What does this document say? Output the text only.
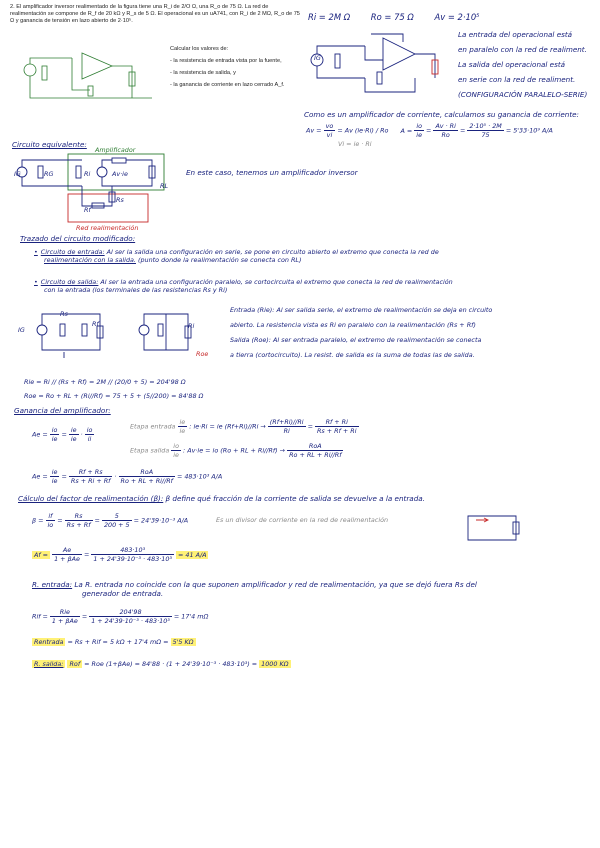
2. El amplificador inversor realimentado de la figura tiene una R_i de 2/O Ω, una R_o de 75 Ω. La red de realimentación se compone de R_f de 20 kΩ y R_s de 5 Ω. El operacional es un uA741, con R_i de 2 MΩ, R_o de 75 Ω y ganancia de tensión en lazo abierto de 2·10⁵.
Calcular los valores de:
- la resistencia de entrada vista por la fuente,
- la resistencia de salida, y
- la ganancia de corriente en lazo cerrado A_f.
Ri = 2M Ω Ro = 75 Ω Av = 2·10⁵
IG
La entrada del operacional está
en paralelo con la red de realiment.
La salida del operacional está
en serie con la red de realiment.
(CONFIGURACIÓN PARALELO-SERIE)
Como es un amplificador de corriente, calculamos su ganancia de corriente:
$Av = \frac{vo}{vi} = Av$ (ie·Ri) / Ro $A = \frac{io}{ie} = \frac{Av \cdot Ri}{Ro} = \frac{\text{2·10⁵ · 2M}}{75} = 5'33\cdot 10^9$ A/A
Vi = ie · Ri
Circuito equivalente:
Amplificador
IG	RG	Ri	Av·ie
RL
Rf
Rs
Red realimentación
En este caso, tenemos un amplificador inversor
Trazado del circuito modificado:
• Circuito de entrada: Al ser la salida una configuración en serie, se pone en circuito abierto el extremo que conecta la red de
realimentación con la salida. (punto donde la realimentación se conecta con RL)
• Circuito de salida: Al ser la entrada una configuración paralelo, se cortocircuita el extremo que conecta la red de realimentación
con la entrada (los terminales de las resistencias Rs y Ri)
IG
Rs
Rf	Ri
Roe
Entrada (Rie): Al ser salida serie, el extremo de realimentación se deja en circuito
abierto. La resistencia vista es Ri en paralelo con la realimentación (Rs + Rf)
Salida (Roe): Al ser entrada paralelo, el extremo de realimentación se conecta
a tierra (cortocircuito). La resist. de salida es la suma de todas las de salida.
Rie = Ri // (Rs + Rf) = 2M // (20/0 + 5) = 204'98 Ω
Roe = Ro + RL + (Ri//Rf) = 75 + 5 + (5//200) = 84'88 Ω
Ganancia del amplificador:
$Ae = \frac{io}{ie} = \frac{ie}{ie} \cdot \frac{io}{ii}$	Etapa entrada $\frac{ie}{ie}$ : ie·Ri = ie $(Rf+Ri)//Ri \to \frac{(Rf+Ri)//Ri}{Ri} = \frac{Rf + Ri}{Rs + Rf + Ri}$
Etapa salida $\frac{io}{ie}$ : Av·ie = io (Ro + RL + $Ri//Rf) \to \frac{\text{RoA}}{Ro + RL + Ri//Rf}$
$Ae = \frac{ie}{ie} = \frac{Rf + Rs}{Rs + Ri + Rf} \cdot \frac{\text{RoA}}{Ro + RL + Ri//Rf} = 483\cdot 10^3$ A/A
Cálculo del factor de realimentación (β): β define qué fracción de la corriente de salida se devuelve a la entrada.
$\beta = \frac{if}{io} = \frac{Rs}{Rs + Rf} = \frac{5}{200 + 5} = 24'39\cdot 10^{-3}$ A/A	Es un divisor de corriente en la red de realimentación
$Af = \frac{Ae}{\text{1 + βAe}} = \frac{\text{483·10³}}{\text{1 + 24'39·10⁻³ · 483·10³}} = 41$ A/A
R. entrada: La R. entrada no coincide con la que suponen amplificador y red de realimentación, ya que se dejó fuera Rs del
generador de entrada.
Rif = $\frac{\text{Rie}}{\text{1 + βAe}} = \frac{204'98}{\text{1 + 24'39·10⁻³ · 483·10³}} = 17'4$ mΩ
Rentrada = Rs + Rif = 5 kΩ + 17'4 mΩ = 5'5 KΩ
R. salida: Rof = Roe (1+βAe) = 84'88 · (1 + 24'39·10⁻³ · 483·10³) = 1000 KΩ
